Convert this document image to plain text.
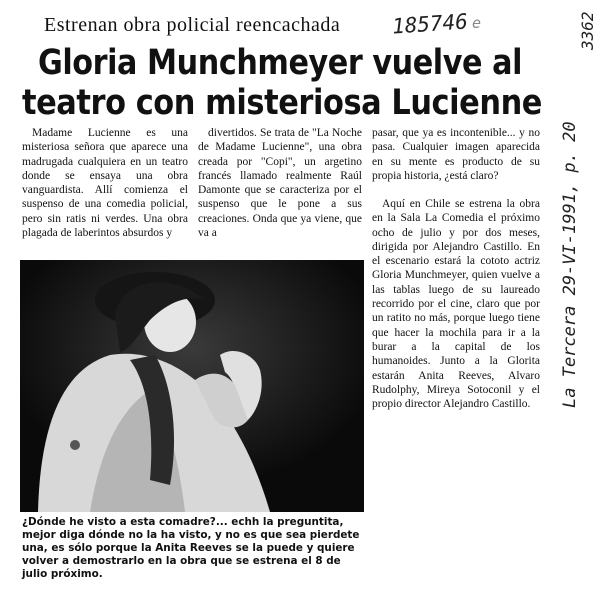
Estrenan obra policial reencachada
Gloria Munchmeyer vuelve al
teatro con misteriosa Lucienne
185746 e	3362
La Tercera 29-VI-1991, p. 20

Madame Lucienne es una misteriosa señora que aparece una madrugada cualquiera en un teatro donde se ensaya una obra vanguardista. Allí comienza el suspenso de una comedia policial, pero sin ratis ni verdes. Una obra plagada de laberintos absurdos y

divertidos. Se trata de "La Noche de Madame Lucienne", una obra creada por "Copi", un argetino francés llamado realmente Raúl Damonte que se caracteriza por el suspenso que le pone a sus creaciones. Onda que ya viene, que va a

pasar, que ya es incontenible... y no pasa. Cualquier imagen aparecida en su mente es producto de su propia historia, ¿está claro?

Aquí en Chile se estrena la obra en la Sala La Comedia el próximo ocho de julio y por dos meses, dirigida por Alejandro Castillo. En el escenario estará la cototo actriz Gloria Munchmeyer, quien vuelve a las tablas luego de su laureado recorrido por el cine, claro que por un ratito no más, porque luego tiene que hacer la mochila para ir a la burar a la capital de los humanoides. Junto a la Glorita estarán Anita Reeves, Alvaro Rudolphy, Mireya Sotoconil y el propio director Alejandro Castillo.

¿Dónde he visto a esta comadre?... echh la preguntita, mejor diga dónde no la ha visto, y no es que sea pierdete una, es sólo porque la Anita Reeves se la puede y quiere volver a demostrarlo en la obra que se estrena el 8 de julio próximo.
